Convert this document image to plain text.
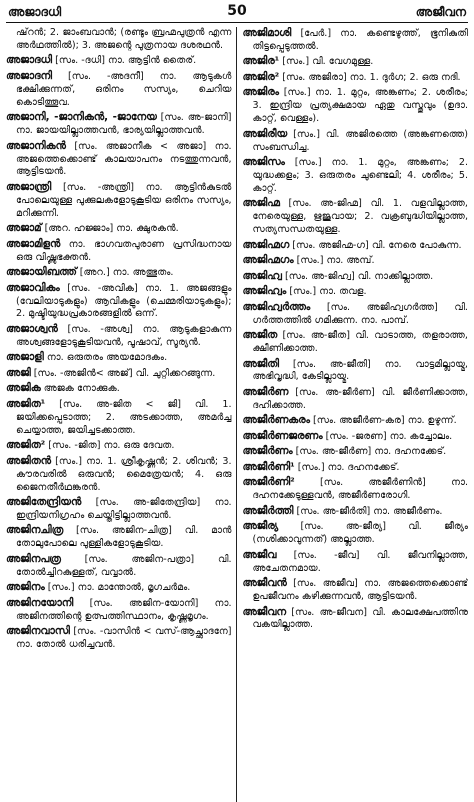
അജാദധി	50	അജീവന

ഷ്‌റൻ; 2. ജാംബവാൻ; (രണ്ടും ബ്രഹ്മപുത്രൻ എന്ന അർഥത്തിൽ); 3. അജന്റെ പുത്രനായ ദശരഥൻ.

അജാദധി [സം. -ദധി] നാ. ആട്ടിൻ തൈര്.

അജാദനി [സം. -അദനീ] നാ. ആടുകൾ ഭക്ഷിക്കുന്നത്, ഒരിനം സസ്യം, ചെറിയ കൊടിത്തൂവ.

അജാനി, -ജാനികൻ, -ജാനേയ [സം. അ-ജാനി] നാ. ജായയില്ലാത്തവൻ, ഭാര്യയില്ലാത്തവൻ.

അജാനികൻ [സം. അജാനീക < അജാ] നാ. അജത്തെക്കൊണ്ട് കാലയാപനം നടത്തുന്നവൻ, ആട്ടിടയൻ.

അജാന്ത്രി [സം. -അന്ത്രി] നാ. ആട്ടിൻകുടൽ പോലെയുള്ള പുക്കുലകളോടുകൂടിയ ഒരിനം സസ്യം, മറിക്കുന്നി.

അജാമ് [അറ. ഹജ്ജാം] നാ. ക്ഷുരകൻ.

അജാമിളൻ നാ. ഭാഗവതപുരാണ പ്രസിദ്ധനായ ഒരു വിഷ്ണുഭക്തൻ.

അജായിബത്ത് [അറ.] നാ. അത്ഭുതം.

അജാവികം [സം. -അവിക] നാ. 1. അജങ്ങളും (വേലിയാടുകളും) ആവികളും (ചെമ്മരിയാടുകളും); 2. മുഷ്ടിയുദ്ധപ്രകാരങ്ങളിൽ ഒന്ന്.

അജാശ്വൻ [സം. -അശ്വ] നാ. ആടുകളാകുന്ന അശ്വങ്ങളോടുകൂടിയവൻ, പൂഷാവ്, സൂര്യൻ.

അജാളി നാ. ഒരുതരം അയമോദകം.

അജി [സം. -അജിൻ< അജ്] വി. ചുറ്റിക്കറങ്ങുന്ന.

അജിക അജക നോക്കുക.

അജിത¹ [സം. അ-ജിത < ജി] വി. 1. ജയിക്കപ്പെടാത്ത; 2. അടക്കാത്ത, അമർച്ച ചെയ്യാത്ത, ജയിച്ചടക്കാത്ത.

അജിത² [സം. -ജിത] നാ. ഒരു ദേവത.

അജിതൻ [സം.] നാ. 1. ശ്രീകൃഷ്ണൻ; 2. ശിവൻ; 3. കൗരവരിൽ ഒരുവൻ; മൈത്രേയൻ; 4. ഒരു ജൈനതീർഥങ്കരൻ.

അജിതേന്ദ്രിയൻ [സം. അ-ജിതേന്ദ്രിയ] നാ. ഇന്ദ്രിയനിഗ്രഹം ചെയ്തിട്ടില്ലാത്തവൻ.

അജിനചിത്ര [സം. അജിന-ചിത്ര] വി. മാൻ തോലുപോലെ പുള്ളികളോടുകൂടിയ.

അജിനപത്ര [സം. അജിന-പത്രാ] വി. തോൽച്ചിറകുള്ളത്, വവ്വാൽ.

അജിനം [സം.] നാ. മാന്തോൽ, മൃഗചർമം.

അജിനയോനി [സം. അജിന-യോനി] നാ. അജിനത്തിന്റെ ഉത്പത്തിസ്ഥാനം, കൃഷ്ണമൃഗം.

അജിനവാസി [സം. -വാസിൻ < വസ്-ആച്ഛാദനേ] നാ. തോൽ ധരിച്ചവൻ.

അജിമാശി [പേർ.] നാ. കണ്ടെഴുത്ത്, ഭൂനികുതി തിട്ടപ്പെടുത്തൽ.

അജിര¹ [സം.] വി. വേഗമുള്ള.

അജിര² [സം. അജിരാ] നാ. 1. ദുർഗ; 2. ഒരു നദി.

അജിരം [സം.] നാ. 1. മുറ്റം, അങ്കണം; 2. ശരീരം; 3. ഇന്ദ്രിയ പ്രത്യക്ഷമായ ഏതു വസ്തുവും (ഉദാ. കാറ്റ്, വെള്ളം).

അജിരീയ [സം.] വി. അജിരത്തെ (അങ്കണത്തെ) സംബന്ധിച്ച.

അജിസം [സം.] നാ. 1. മുറ്റം, അങ്കണം; 2. യുദ്ധക്കളം; 3. ഒരുതരം ചുണ്ടെലി; 4. ശരീരം; 5. കാറ്റ്.

അജിഹ്മ [സം. അ-ജിഹ്മ] വി. 1. വളവില്ലാത്ത, നേരെയുള്ള, ഋജുവായ; 2. വക്രബുദ്ധിയില്ലാത്ത, സത്യസന്ധതയുള്ള.

അജിഹ്മഗ [സം. അജിഹ്മ-ഗ] വി. നേരെ പോകുന്ന.

അജിഹ്മഗം [സം.] നാ. അമ്പ്.

അജിഹ്വ [സം. അ-ജിഹ്വ] വി. നാക്കില്ലാത്ത.

അജിഹ്വം [സം.] നാ. തവള.

അജിഹ്വർത്തം [സം. അജിഹ്വഗർത്ത] വി. ഗർത്തത്തിൽ ഗമിക്കുന്ന. നാ. പാമ്പ്.

അജീത [സം. അ-ജീത] വി. വാടാത്ത, തളരാത്ത, ക്ഷീണിക്കാത്ത.

അജീതി [സം. അ-ജീതി] നാ. വാട്ടമില്ലായ്മ, അഭിവൃദ്ധി, കേടില്ലായ്മ.

അജീർണ [സം. അ-ജീർണ] വി. ജീർണിക്കാത്ത, ദഹിക്കാത്ത.

അജീർണകരം [സം. അജീർണ-കര] നാ. ഉഴുന്ന്.

അജീർണജരണം [സം. -ജരണ] നാ. കച്ചോലം.

അജീർണം [സം. അ-ജീർണ] നാ. ദഹനക്കേട്.

അജീർണി¹ [സം.] നാ. ദഹനക്കേട്.

അജീർണി²	[സം. അജീർണിൻ] നാ. ദഹനക്കേടുള്ളവൻ, അജീർണരോഗി.

അജീർത്തി [സം. അ-ജീർതി] നാ. അജീർണം.

അജീര്യ [സം. അ-ജീര്യ] വി. ജീര്യം (നശിക്കാവുന്നത്) അല്ലാത്ത.

അജീവ [സം. -ജീവ] വി. ജീവനില്ലാത്ത, അചേതനമായ.

അജീവൻ [സം. അജീവ] നാ. അജത്തെക്കൊണ്ട് ഉപജീവനം കഴിക്കുന്നവൻ, ആട്ടിടയൻ.

അജീവന [സം. അ-ജീവന] വി. കാലക്ഷേപത്തിനു വകയില്ലാത്ത.
